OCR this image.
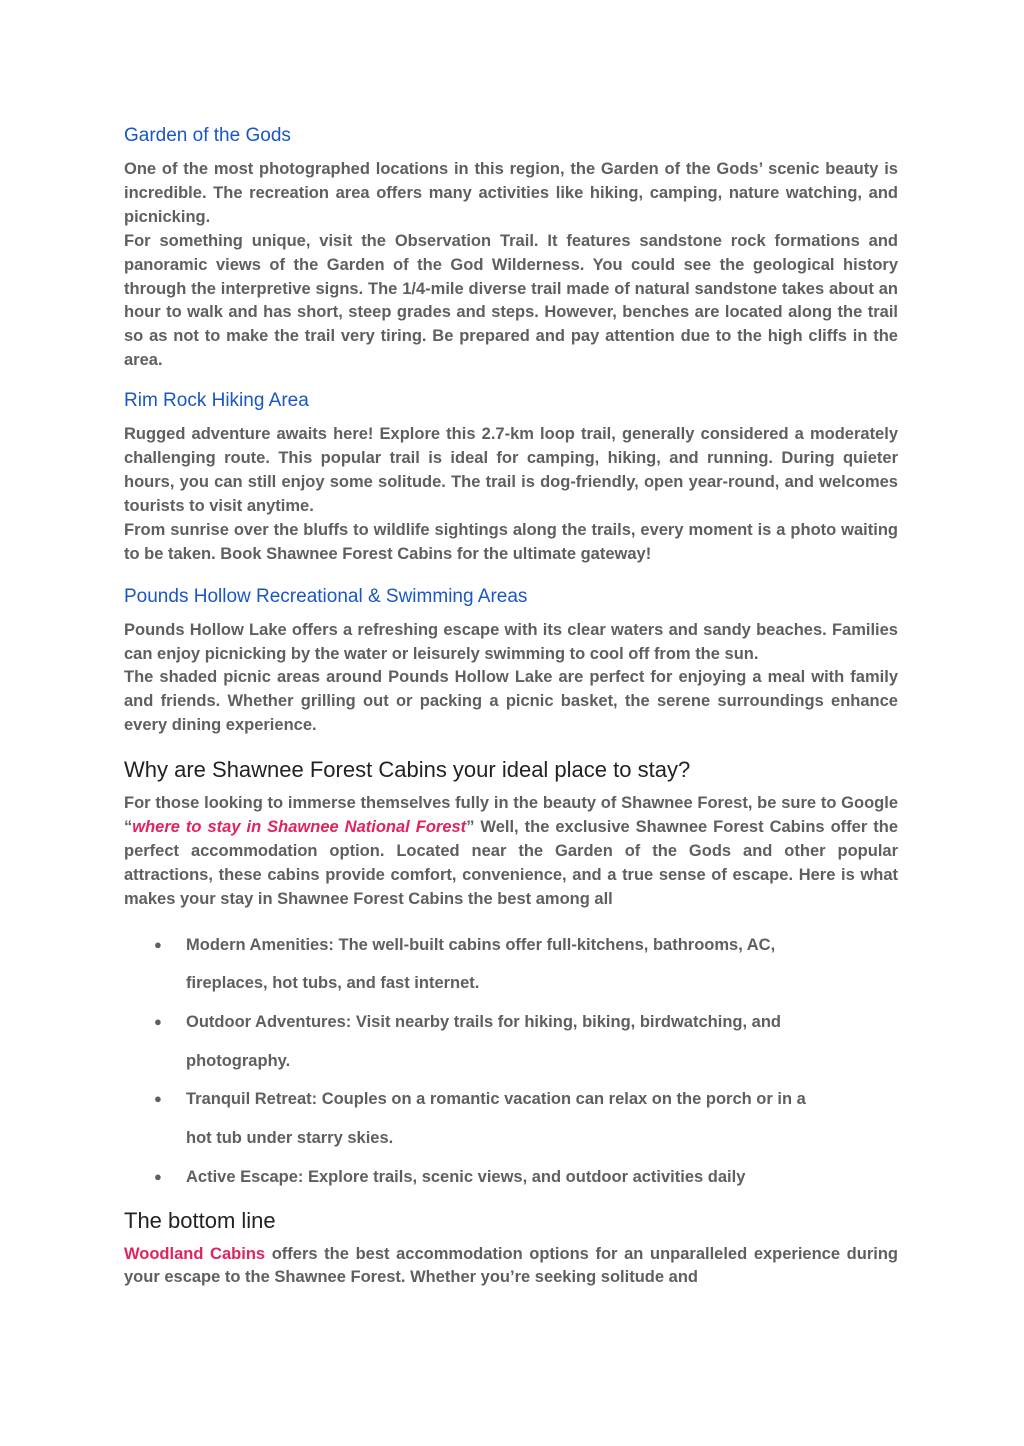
Garden of the Gods

One of the most photographed locations in this region, the Garden of the Gods’ scenic beauty is incredible. The recreation area offers many activities like hiking, camping, nature watching, and picnicking.

For something unique, visit the Observation Trail. It features sandstone rock formations and panoramic views of the Garden of the God Wilderness. You could see the geological history through the interpretive signs. The 1/4-mile diverse trail made of natural sandstone takes about an hour to walk and has short, steep grades and steps. However, benches are located along the trail so as not to make the trail very tiring. Be prepared and pay attention due to the high cliffs in the area.

Rim Rock Hiking Area

Rugged adventure awaits here! Explore this 2.7-km loop trail, generally considered a moderately challenging route. This popular trail is ideal for camping, hiking, and running. During quieter hours, you can still enjoy some solitude. The trail is dog-friendly, open year-round, and welcomes tourists to visit anytime.

From sunrise over the bluffs to wildlife sightings along the trails, every moment is a photo waiting to be taken. Book Shawnee Forest Cabins for the ultimate gateway!

Pounds Hollow Recreational & Swimming Areas

Pounds Hollow Lake offers a refreshing escape with its clear waters and sandy beaches. Families can enjoy picnicking by the water or leisurely swimming to cool off from the sun.

The shaded picnic areas around Pounds Hollow Lake are perfect for enjoying a meal with family and friends. Whether grilling out or packing a picnic basket, the serene surroundings enhance every dining experience.

Why are Shawnee Forest Cabins your ideal place to stay?

For those looking to immerse themselves fully in the beauty of Shawnee Forest, be sure to Google “where to stay in Shawnee National Forest” Well, the exclusive Shawnee Forest Cabins offer the perfect accommodation option. Located near the Garden of the Gods and other popular attractions, these cabins provide comfort, convenience, and a true sense of escape. Here is what makes your stay in Shawnee Forest Cabins the best among all

● Modern Amenities: The well-built cabins offer full-kitchens, bathrooms, AC, fireplaces, hot tubs, and fast internet.
● Outdoor Adventures: Visit nearby trails for hiking, biking, birdwatching, and photography.
● Tranquil Retreat: Couples on a romantic vacation can relax on the porch or in a hot tub under starry skies.
● Active Escape: Explore trails, scenic views, and outdoor activities daily
The bottom line

Woodland Cabins offers the best accommodation options for an unparalleled experience during your escape to the Shawnee Forest. Whether you’re seeking solitude and
